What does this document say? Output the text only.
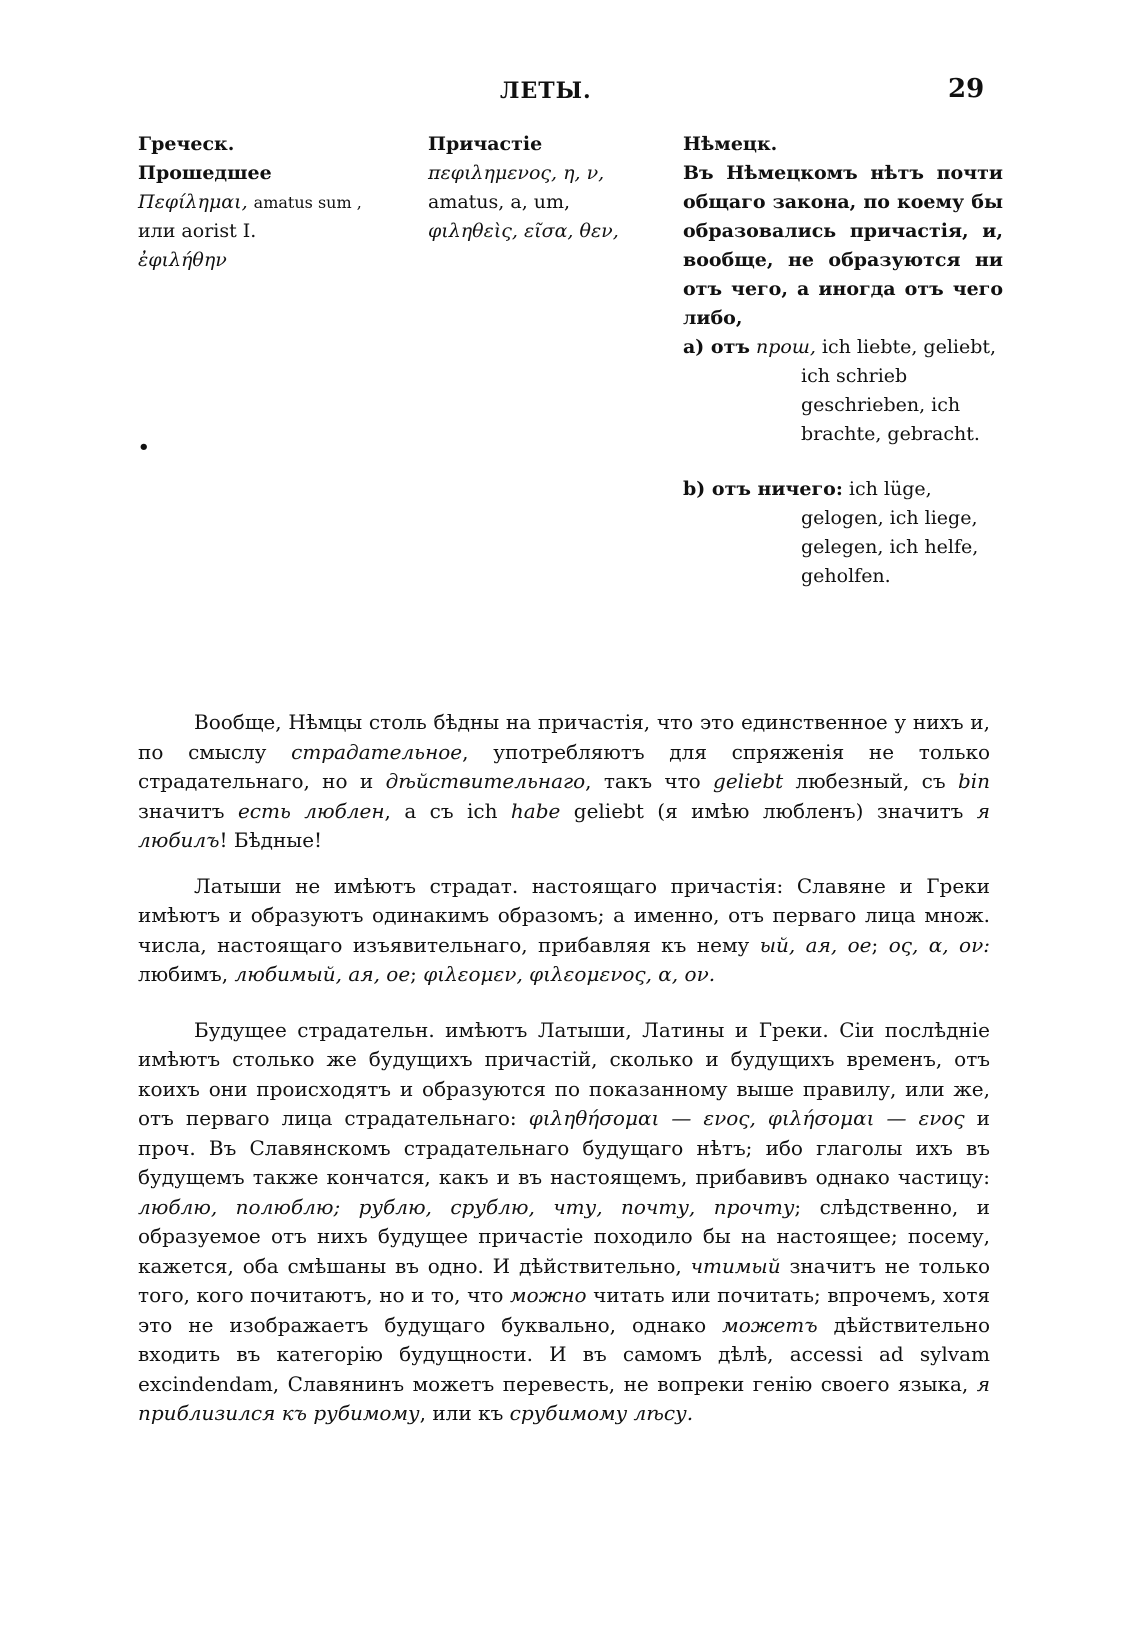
ЛЕТЫ.	29

Греческ.

Прошедшее

Πεφίλημαι, amatus sum ,

или aorist I.

ἐφιλήθην

Причастіе

πεφιλημενος, η, ν,

amatus, a, um,

φιληθεὶς, εῖσα, θεν,

Нѣмецк.

Въ Нѣмецкомъ нѣтъ почти общаго закона, по коему бы образовались причастія, и, вообще, не образуются ни отъ чего, а иногда отъ чего либо,

a) отъ прош, ich liebte, geliebt, ich schrieb geschrieben, ich brachte, gebracht.

b) отъ ничего: ich lüge, gelogen, ich liege, gelegen, ich helfe, geholfen.

•

Вообще, Нѣмцы столь бѣдны на причастія, что это единственное у нихъ и, по смыслу страдательное, употребляютъ для спряженія не только страдательнаго, но и дѣйствительнаго, такъ что geliebt любезный, съ bin значитъ есть люблен, а съ ich habe geliebt (я имѣю любленъ) значитъ я любилъ! Бѣдные!

Латыши не имѣютъ страдат. настоящаго причастія: Славяне и Греки имѣютъ и образуютъ одинакимъ образомъ; а именно, отъ перваго лица множ. числа, настоящаго изъявительнаго, прибавляя къ нему ый, ая, ое; ος, α, ον: любимъ, любимый, ая, ое; φιλεομεν, φιλεομενος, α, ον.

Будущее страдательн. имѣютъ Латыши, Латины и Греки. Сіи послѣдніе имѣютъ столько же будущихъ причастій, сколько и будущихъ временъ, отъ коихъ они происходятъ и образуются по показанному выше правилу, или же, отъ перваго лица страдательнаго: φιληθήσομαι — ενος, φιλήσομαι — ενος и проч. Въ Славянскомъ страдательнаго будущаго нѣтъ; ибо глаголы ихъ въ будущемъ также кончатся, какъ и въ настоящемъ, прибавивъ однако частицу: люблю, полюблю; рублю, срублю, чту, почту, прочту; слѣдственно, и образуемое отъ нихъ будущее причастіе походило бы на настоящее; посему, кажется, оба смѣшаны въ одно. И дѣйствительно, чтимый значитъ не только того, кого почитаютъ, но и то, что можно читать или почитать; впрочемъ, хотя это не изображаетъ будущаго буквально, однако можетъ дѣйствительно входить въ категорію будущности. И въ самомъ дѣлѣ, accessi ad sylvam excindendam, Славянинъ можетъ перевесть, не вопреки генію своего языка, я приблизился къ рубимому, или къ срубимому лѣсу.
